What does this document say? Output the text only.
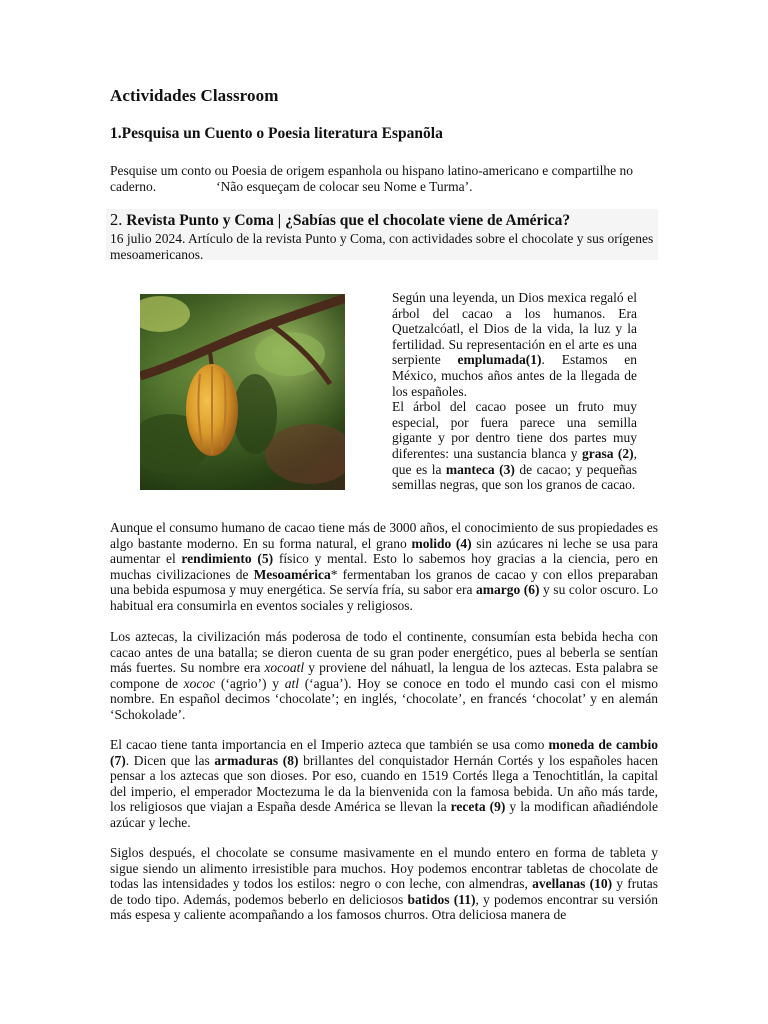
Actividades Classroom
1.Pesquisa un Cuento o Poesia literatura Espanõla

Pesquise um conto ou Poesia de origem espanhola ou hispano latino-americano e compartilhe no caderno.	‘Não esqueçam de colocar seu Nome e Turma’.

2. Revista Punto y Coma | ¿Sabías que el chocolate viene de América?

16 julio 2024. Artículo de la revista Punto y Coma, con actividades sobre el chocolate y sus orígenes mesoamericanos.

Según una leyenda, un Dios mexica regaló el árbol del cacao a los humanos. Era Quetzalcóatl, el Dios de la vida, la luz y la fertilidad. Su representación en el arte es una serpiente emplumada(1). Estamos en México, muchos años antes de la llegada de los españoles.
El árbol del cacao posee un fruto muy especial, por fuera parece una semilla gigante y por dentro tiene dos partes muy diferentes: una sustancia blanca y grasa (2), que es la manteca (3) de cacao; y pequeñas semillas negras, que son los granos de cacao.

Aunque el consumo humano de cacao tiene más de 3000 años, el conocimiento de sus propiedades es algo bastante moderno. En su forma natural, el grano molido (4) sin azúcares ni leche se usa para aumentar el rendimiento (5) físico y mental. Esto lo sabemos hoy gracias a la ciencia, pero en muchas civilizaciones de Mesoamérica* fermentaban los granos de cacao y con ellos preparaban una bebida espumosa y muy energética. Se servía fría, su sabor era amargo (6) y su color oscuro. Lo habitual era consumirla en eventos sociales y religiosos.

Los aztecas, la civilización más poderosa de todo el continente, consumían esta bebida hecha con cacao antes de una batalla; se dieron cuenta de su gran poder energético, pues al beberla se sentían más fuertes. Su nombre era xocoatl y proviene del náhuatl, la lengua de los aztecas. Esta palabra se compone de xococ (‘agrio’) y atl (‘agua’). Hoy se conoce en todo el mundo casi con el mismo nombre. En español decimos ‘chocolate’; en inglés, ‘chocolate’, en francés ‘chocolat’ y en alemán ‘Schokolade’.

El cacao tiene tanta importancia en el Imperio azteca que también se usa como moneda de cambio (7). Dicen que las armaduras (8) brillantes del conquistador Hernán Cortés y los españoles hacen pensar a los aztecas que son dioses. Por eso, cuando en 1519 Cortés llega a Tenochtitlán, la capital del imperio, el emperador Moctezuma le da la bienvenida con la famosa bebida. Un año más tarde, los religiosos que viajan a España desde América se llevan la receta (9) y la modifican añadiéndole azúcar y leche.

Siglos después, el chocolate se consume masivamente en el mundo entero en forma de tableta y sigue siendo un alimento irresistible para muchos. Hoy podemos encontrar tabletas de chocolate de todas las intensidades y todos los estilos: negro o con leche, con almendras, avellanas (10) y frutas de todo tipo. Además, podemos beberlo en deliciosos batidos (11), y podemos encontrar su versión más espesa y caliente acompañando a los famosos churros. Otra deliciosa manera de
